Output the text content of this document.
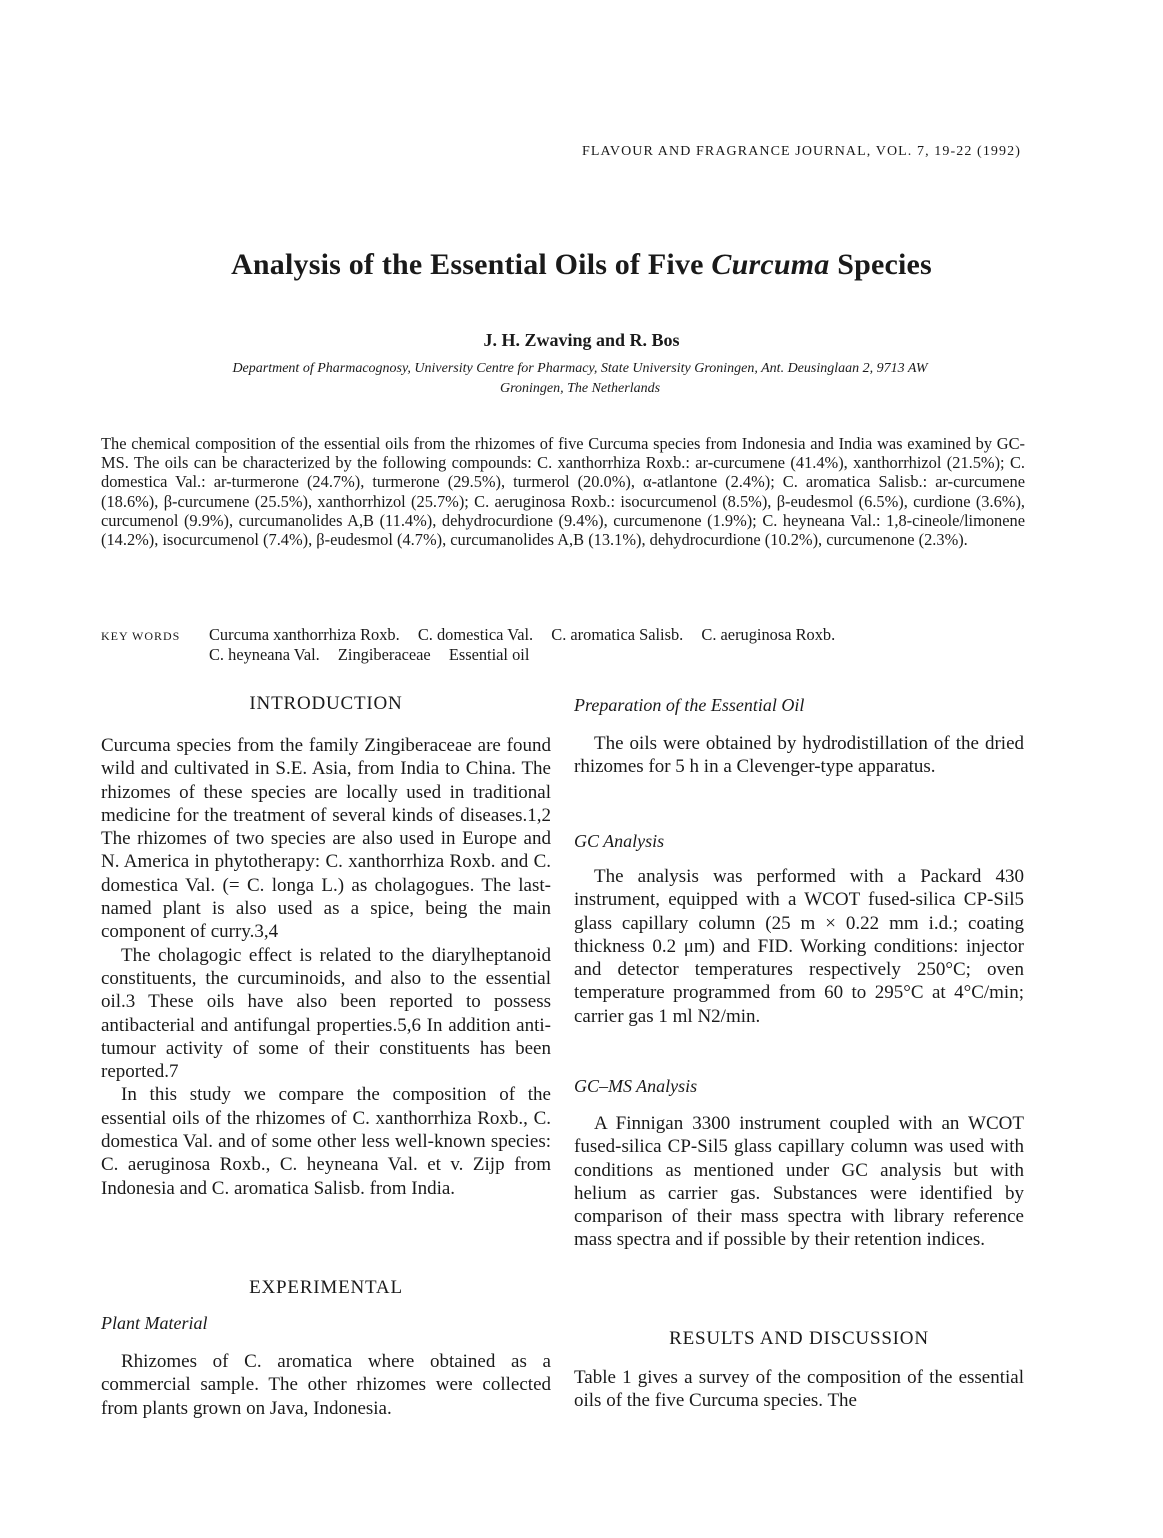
FLAVOUR AND FRAGRANCE JOURNAL, VOL. 7, 19-22 (1992)
Analysis of the Essential Oils of Five Curcuma Species
J. H. Zwaving and R. Bos
Department of Pharmacognosy, University Centre for Pharmacy, State University Groningen, Ant. Deusinglaan 2, 9713 AW
Groningen, The Netherlands
The chemical composition of the essential oils from the rhizomes of five Curcuma species from Indonesia and India was examined by GC-MS. The oils can be characterized by the following compounds: C. xanthorrhiza Roxb.: ar-curcumene (41.4%), xanthorrhizol (21.5%); C. domestica Val.: ar-turmerone (24.7%), turmerone (29.5%), turmerol (20.0%), α-atlantone (2.4%); C. aromatica Salisb.: ar-curcumene (18.6%), β-curcumene (25.5%), xanthorrhizol (25.7%); C. aeruginosa Roxb.: isocurcumenol (8.5%), β-eudesmol (6.5%), curdione (3.6%), curcumenol (9.9%), curcumanolides A,B (11.4%), dehydrocurdione (9.4%), curcumenone (1.9%); C. heyneana Val.: 1,8-cineole/limonene (14.2%), isocurcumenol (7.4%), β-eudesmol (4.7%), curcumanolides A,B (13.1%), dehydrocurdione (10.2%), curcumenone (2.3%).
KEY WORDS Curcuma xanthorrhiza Roxb. C. domestica Val. C. aromatica Salisb. C. aeruginosa Roxb.
C. heyneana Val. Zingiberaceae Essential oil
INTRODUCTION

Curcuma species from the family Zingiberaceae are found wild and cultivated in S.E. Asia, from India to China. The rhizomes of these species are locally used in traditional medicine for the treatment of several kinds of diseases.1,2 The rhizomes of two species are also used in Europe and N. America in phytotherapy: C. xanthorrhiza Roxb. and C. domestica Val. (= C. longa L.) as cholagogues. The last-named plant is also used as a spice, being the main component of curry.3,4

The cholagogic effect is related to the diarylheptanoid constituents, the curcuminoids, and also to the essential oil.3 These oils have also been reported to possess antibacterial and antifungal properties.5,6 In addition anti-tumour activity of some of their constituents has been reported.7

In this study we compare the composition of the essential oils of the rhizomes of C. xanthorrhiza Roxb., C. domestica Val. and of some other less well-known species: C. aeruginosa Roxb., C. heyneana Val. et v. Zijp from Indonesia and C. aromatica Salisb. from India.

EXPERIMENTAL
Plant Material

Rhizomes of C. aromatica where obtained as a commercial sample. The other rhizomes were collected from plants grown on Java, Indonesia.

Preparation of the Essential Oil

The oils were obtained by hydrodistillation of the dried rhizomes for 5 h in a Clevenger-type apparatus.

GC Analysis

The analysis was performed with a Packard 430 instrument, equipped with a WCOT fused-silica CP-Sil5 glass capillary column (25 m × 0.22 mm i.d.; coating thickness 0.2 μm) and FID. Working conditions: injector and detector temperatures respectively 250°C; oven temperature programmed from 60 to 295°C at 4°C/min; carrier gas 1 ml N2/min.

GC–MS Analysis

A Finnigan 3300 instrument coupled with an WCOT fused-silica CP-Sil5 glass capillary column was used with conditions as mentioned under GC analysis but with helium as carrier gas. Substances were identified by comparison of their mass spectra with library reference mass spectra and if possible by their retention indices.

RESULTS AND DISCUSSION

Table 1 gives a survey of the composition of the essential oils of the five Curcuma species. The
